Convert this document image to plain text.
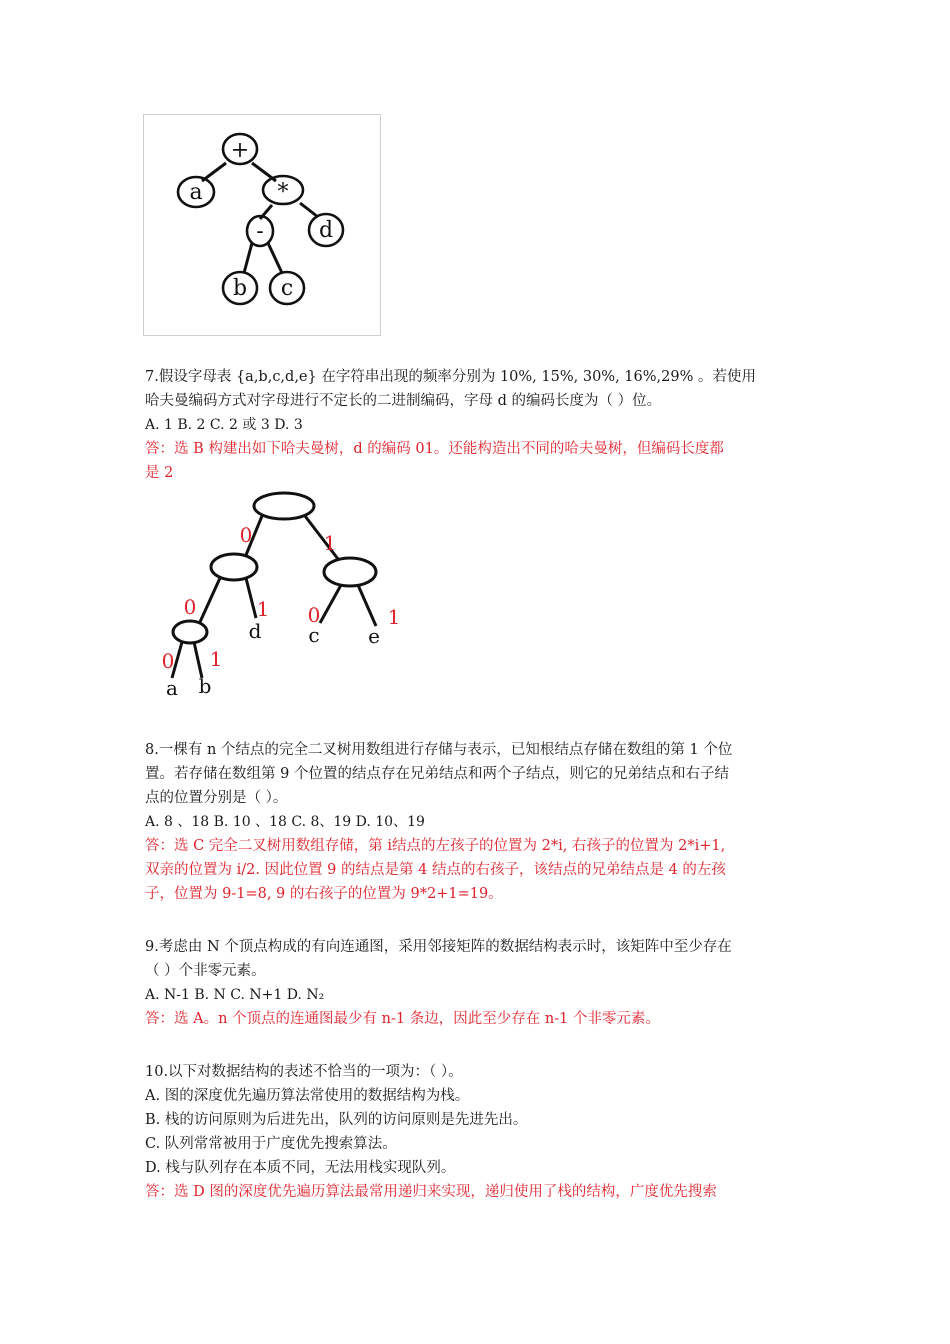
+
a	*
-	d
b c
7.假设字母表 {a,b,c,d,e} 在字符串出现的频率分别为 10%, 15%, 30%, 16%,29% 。若使用
哈夫曼编码方式对字母进行不定长的二进制编码，字母 d 的编码长度为（ ）位。
A. 1 B. 2 C. 2 或 3 D. 3
答：选 B 构建出如下哈夫曼树，d 的编码 01。还能构造出不同的哈夫曼树，但编码长度都
是 2
0	1
0	1 0	1
0 1
d c e
a b
8.一棵有 n 个结点的完全二叉树用数组进行存储与表示，已知根结点存储在数组的第 1 个位
置。若存储在数组第 9 个位置的结点存在兄弟结点和两个子结点，则它的兄弟结点和右子结
点的位置分别是（ ）。
A. 8 、18 B. 10 、18 C. 8、19 D. 10、19
答：选 C 完全二叉树用数组存储，第 i结点的左孩子的位置为 2*i, 右孩子的位置为 2*i+1,
双亲的位置为 i/2. 因此位置 9 的结点是第 4 结点的右孩子，该结点的兄弟结点是 4 的左孩
子，位置为 9-1=8, 9 的右孩子的位置为 9*2+1=19。
9.考虑由 N 个顶点构成的有向连通图，采用邻接矩阵的数据结构表示时，该矩阵中至少存在
（ ）个非零元素。
A. N-1 B. N C. N+1 D. N₂
答：选 A。n 个顶点的连通图最少有 n-1 条边，因此至少存在 n-1 个非零元素。
10.以下对数据结构的表述不恰当的一项为：（ ）。
A. 图的深度优先遍历算法常使用的数据结构为栈。
B. 栈的访问原则为后进先出，队列的访问原则是先进先出。
C. 队列常常被用于广度优先搜索算法。
D. 栈与队列存在本质不同，无法用栈实现队列。
答：选 D 图的深度优先遍历算法最常用递归来实现，递归使用了栈的结构，广度优先搜索
